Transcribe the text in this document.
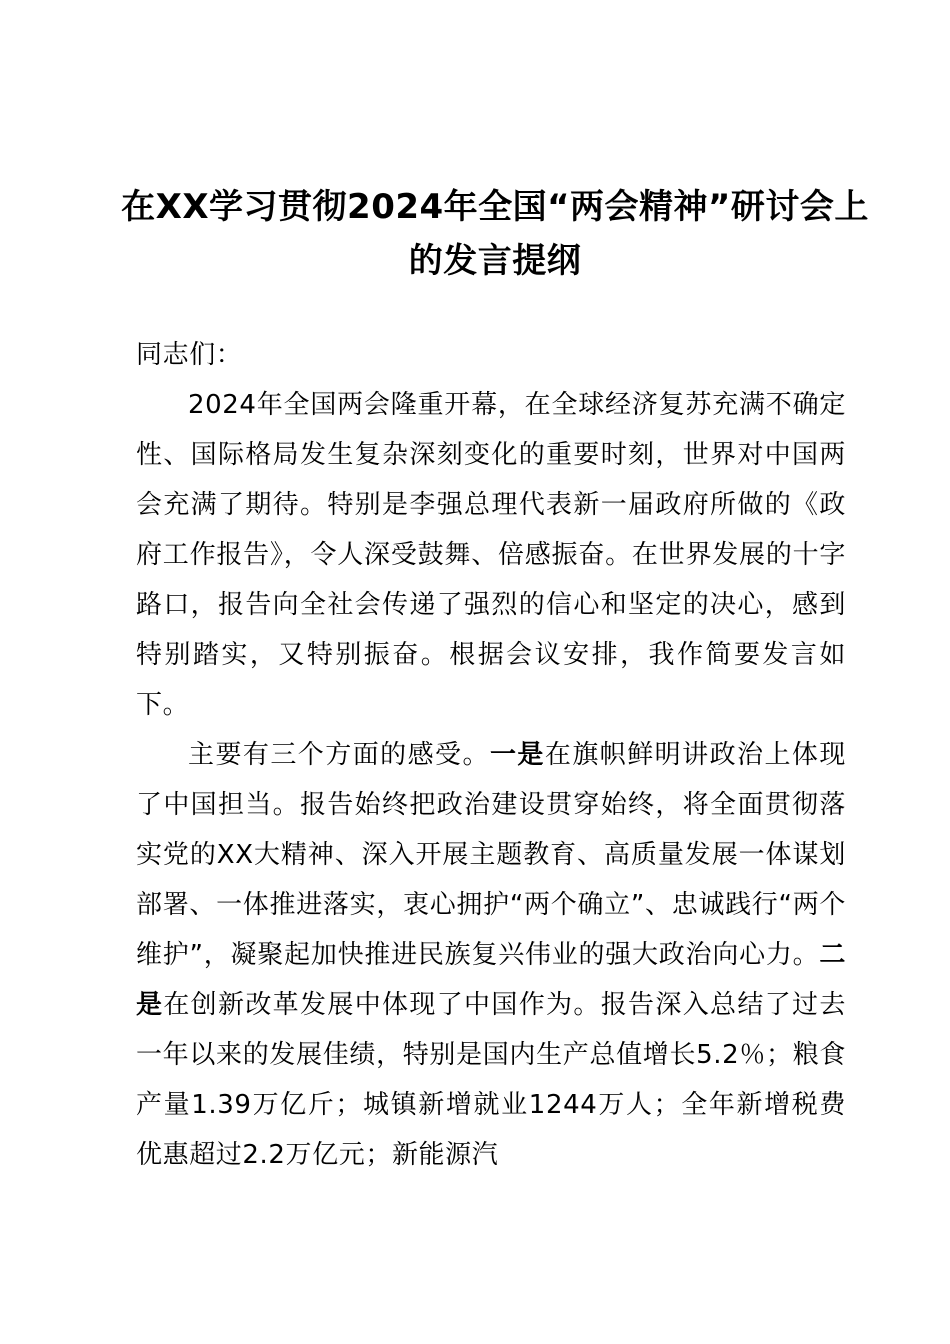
在XX学习贯彻2024年全国“两会精神”研讨会上的发言提纲

同志们：

2024年全国两会隆重开幕，在全球经济复苏充满不确定性、国际格局发生复杂深刻变化的重要时刻，世界对中国两会充满了期待。特别是李强总理代表新一届政府所做的《政府工作报告》，令人深受鼓舞、倍感振奋。在世界发展的十字路口，报告向全社会传递了强烈的信心和坚定的决心，感到特别踏实，又特别振奋。根据会议安排，我作简要发言如下。

主要有三个方面的感受。一是在旗帜鲜明讲政治上体现了中国担当。报告始终把政治建设贯穿始终，将全面贯彻落实党的XX大精神、深入开展主题教育、高质量发展一体谋划部署、一体推进落实，衷心拥护“两个确立”、忠诚践行“两个维护”，凝聚起加快推进民族复兴伟业的强大政治向心力。二是在创新改革发展中体现了中国作为。报告深入总结了过去一年以来的发展佳绩，特别是国内生产总值增长5.2％；粮食产量1.39万亿斤；城镇新增就业1244万人；全年新增税费优惠超过2.2万亿元；新能源汽
